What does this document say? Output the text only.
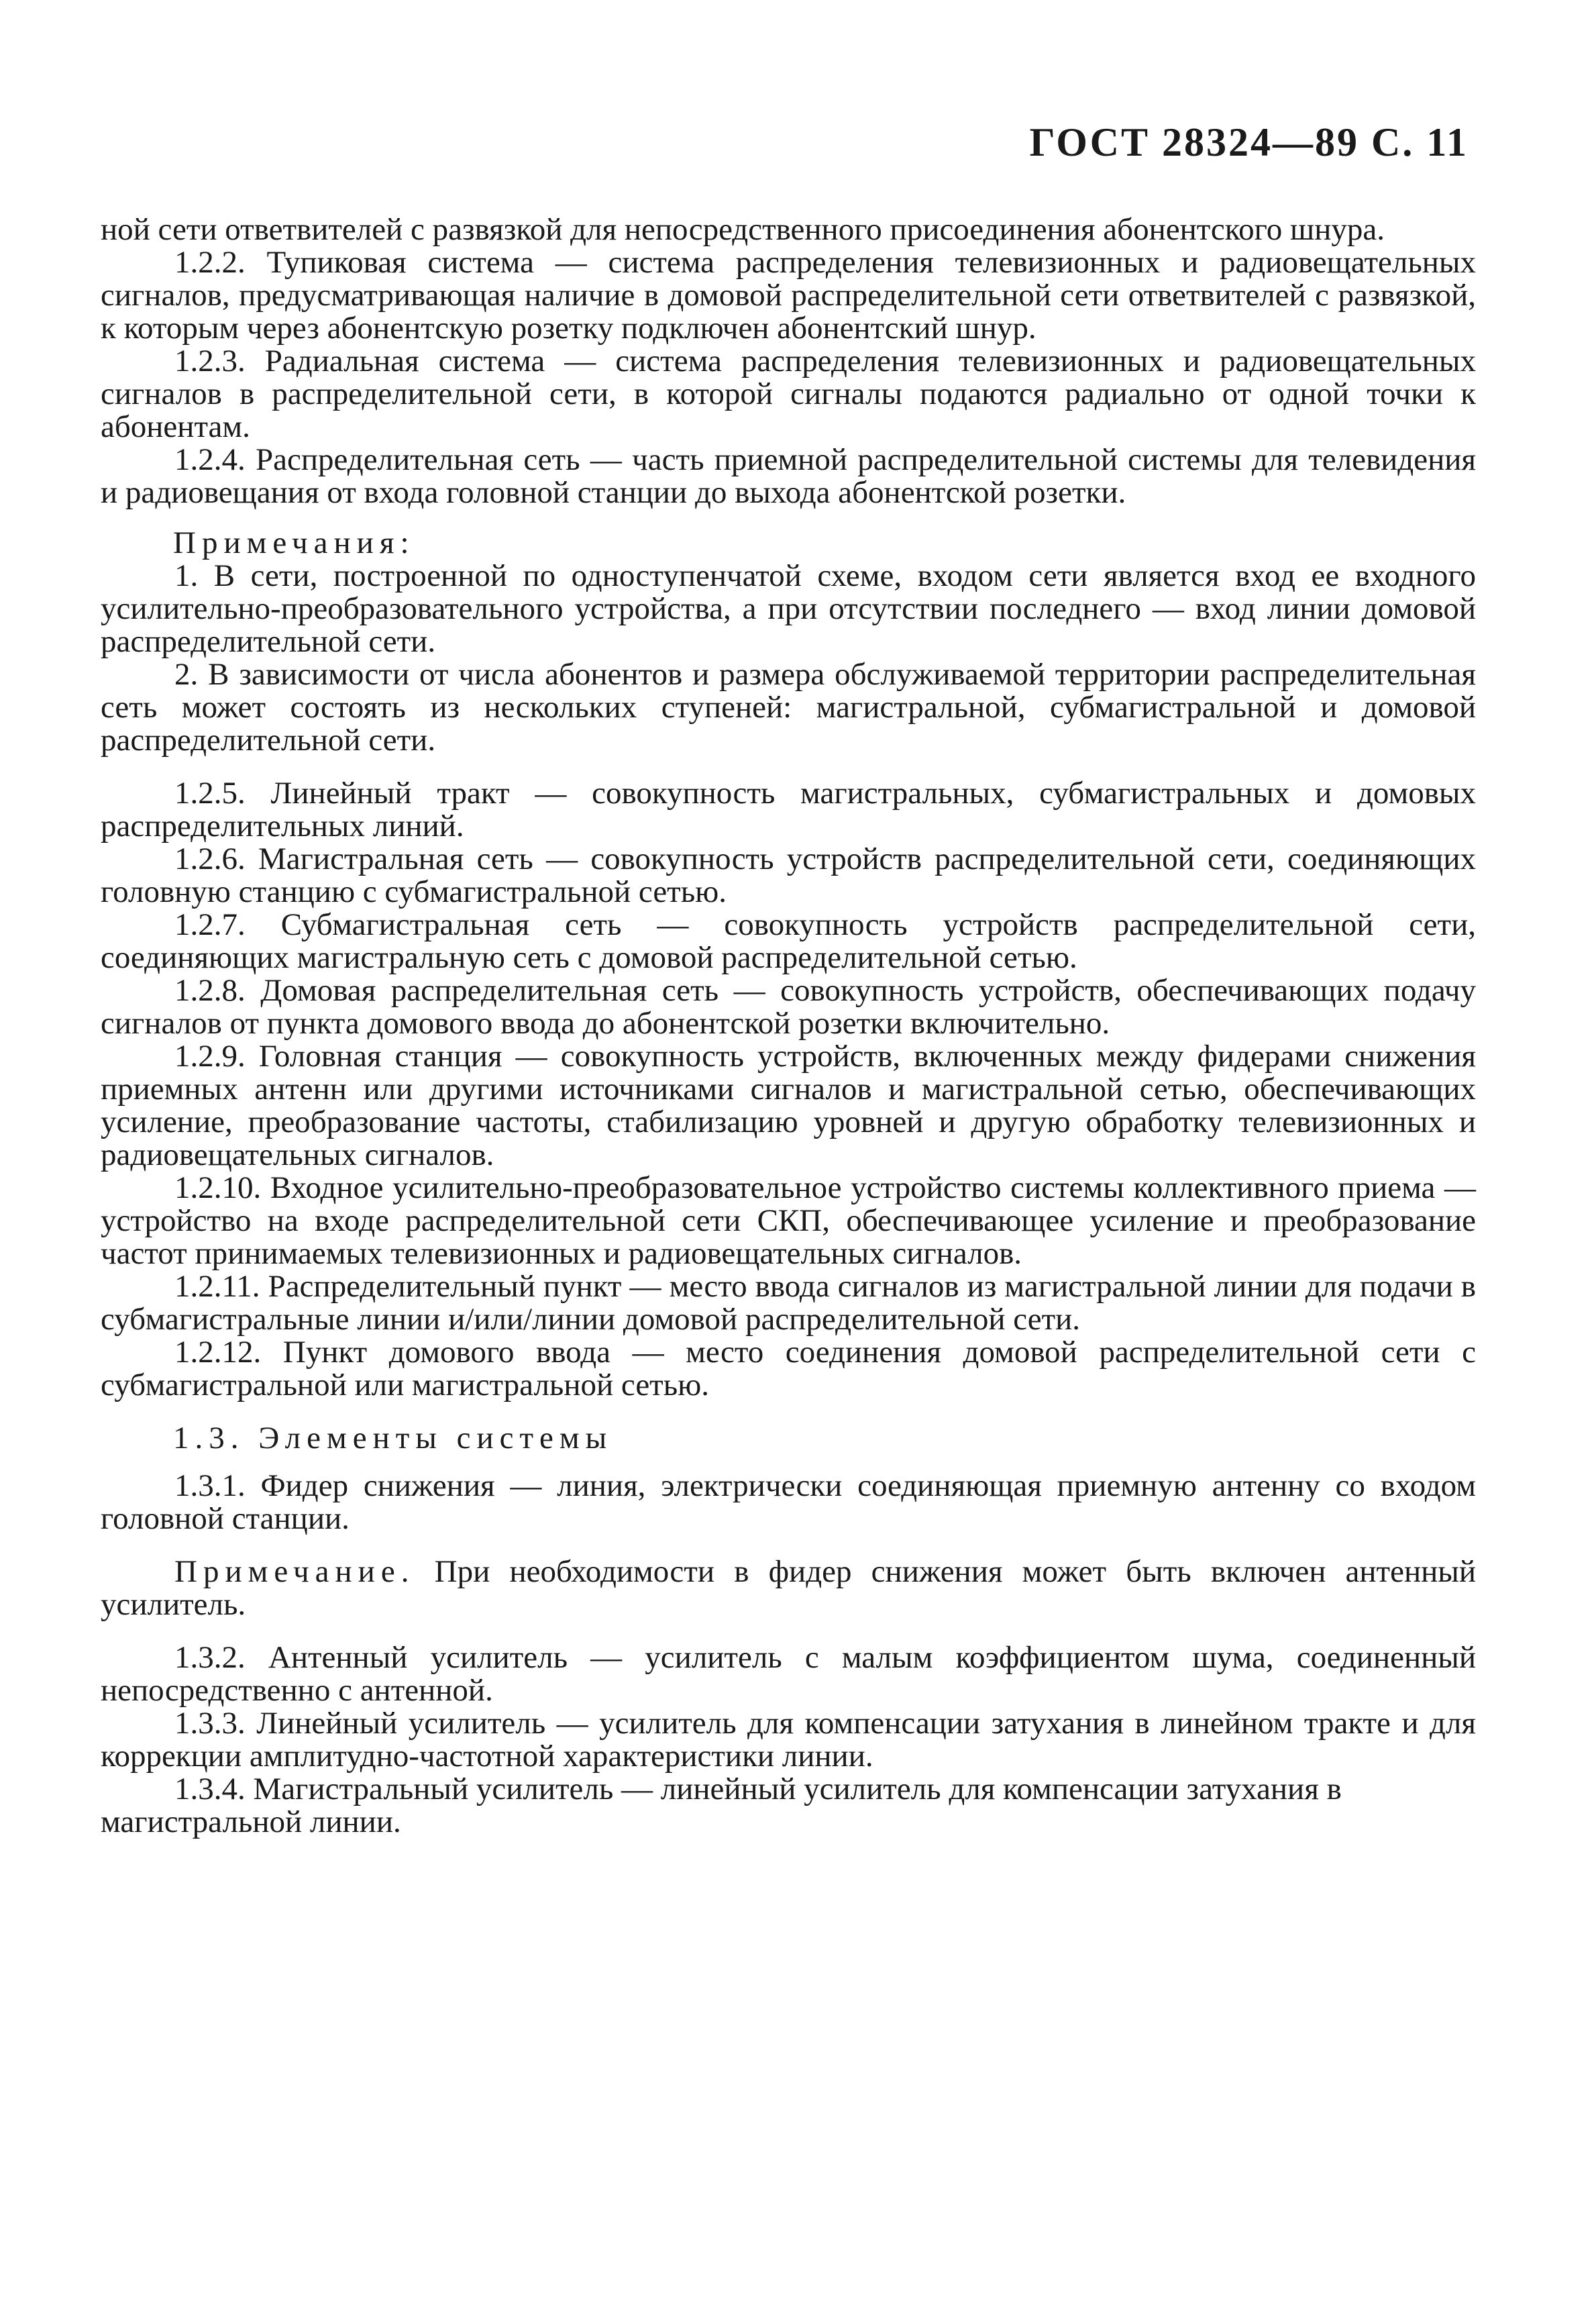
ГОСТ 28324—89 С. 11

ной сети ответвителей с развязкой для непосредственного присоединения абонентского шнура.

1.2.2. Тупиковая система — система распределения телевизионных и радиовещательных сигналов, предусматривающая наличие в домовой распределительной сети ответвителей с развязкой, к которым через абонентскую розетку подключен абонентский шнур.

1.2.3. Радиальная система — система распределения телевизионных и радиовещательных сигналов в распределительной сети, в которой сигналы подаются радиально от одной точки к абонентам.

1.2.4. Распределительная сеть — часть приемной распределительной системы для телевидения и радиовещания от входа головной станции до выхода абонентской розетки.

Примечания:

1. В сети, построенной по одноступенчатой схеме, входом сети является вход ее входного усилительно-преобразовательного устройства, а при отсутствии последнего — вход линии домовой распределительной сети.

2. В зависимости от числа абонентов и размера обслуживаемой территории распределительная сеть может состоять из нескольких ступеней: магистральной, субмагистральной и домовой распределительной сети.

1.2.5. Линейный тракт — совокупность магистральных, субмагистральных и домовых распределительных линий.

1.2.6. Магистральная сеть — совокупность устройств распределительной сети, соединяющих головную станцию с субмагистральной сетью.

1.2.7. Субмагистральная сеть — совокупность устройств распределительной сети, соединяющих магистральную сеть с домовой распределительной сетью.

1.2.8. Домовая распределительная сеть — совокупность устройств, обеспечивающих подачу сигналов от пункта домового ввода до абонентской розетки включительно.

1.2.9. Головная станция — совокупность устройств, включенных между фидерами снижения приемных антенн или другими источниками сигналов и магистральной сетью, обеспечивающих усиление, преобразование частоты, стабилизацию уровней и другую обработку телевизионных и радиовещательных сигналов.

1.2.10. Входное усилительно-преобразовательное устройство системы коллективного приема — устройство на входе распределительной сети СКП, обеспечивающее усиление и преобразование частот принимаемых телевизионных и радиовещательных сигналов.

1.2.11. Распределительный пункт — место ввода сигналов из магистральной линии для подачи в субмагистральные линии и/или/линии домовой распределительной сети.

1.2.12. Пункт домового ввода — место соединения домовой распределительной сети с субмагистральной или магистральной сетью.

1.3. Элементы системы

1.3.1. Фидер снижения — линия, электрически соединяющая приемную антенну со входом головной станции.

Примечание. При необходимости в фидер снижения может быть включен антенный усилитель.

1.3.2. Антенный усилитель — усилитель с малым коэффициентом шума, соединенный непосредственно с антенной.

1.3.3. Линейный усилитель — усилитель для компенсации затухания в линейном тракте и для коррекции амплитудно-частотной характеристики линии.

1.3.4. Магистральный усилитель — линейный усилитель для компенсации затухания в магистральной линии.
